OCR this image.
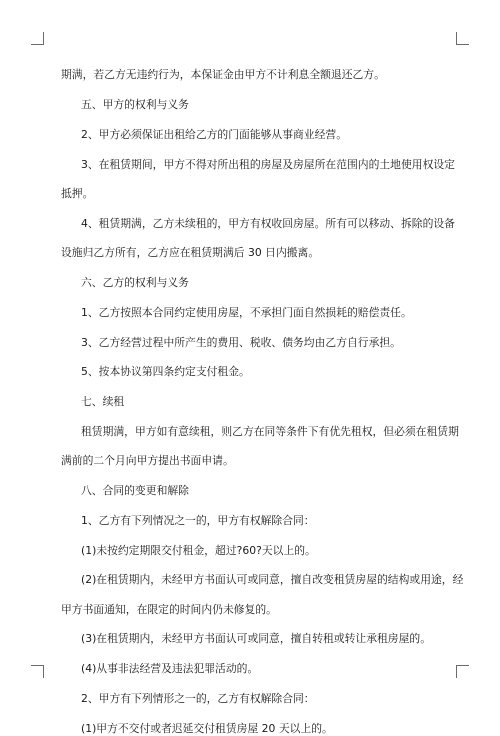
期满，若乙方无违约行为，本保证金由甲方不计利息全额退还乙方。
五、甲方的权利与义务
2、甲方必须保证出租给乙方的门面能够从事商业经营。
3、在租赁期间，甲方不得对所出租的房屋及房屋所在范围内的土地使用权设定
抵押。
4、租赁期满，乙方未续租的，甲方有权收回房屋。所有可以移动、拆除的设备
设施归乙方所有，乙方应在租赁期满后 30 日内搬离。
六、乙方的权利与义务
1、乙方按照本合同约定使用房屋，不承担门面自然损耗的赔偿责任。
3、乙方经营过程中所产生的费用、税收、债务均由乙方自行承担。
5、按本协议第四条约定支付租金。
七、续租
租赁期满，甲方如有意续租，则乙方在同等条件下有优先租权，但必须在租赁期
满前的二个月向甲方提出书面申请。
八、合同的变更和解除
1、乙方有下列情况之一的，甲方有权解除合同：
(1)未按约定期限交付租金，超过?60?天以上的。
(2)在租赁期内，未经甲方书面认可或同意，擅自改变租赁房屋的结构或用途，经
甲方书面通知，在限定的时间内仍未修复的。
(3)在租赁期内，未经甲方书面认可或同意，擅自转租或转让承租房屋的。
(4)从事非法经营及违法犯罪活动的。
2、甲方有下列情形之一的，乙方有权解除合同：
(1)甲方不交付或者迟延交付租赁房屋 20 天以上的。
